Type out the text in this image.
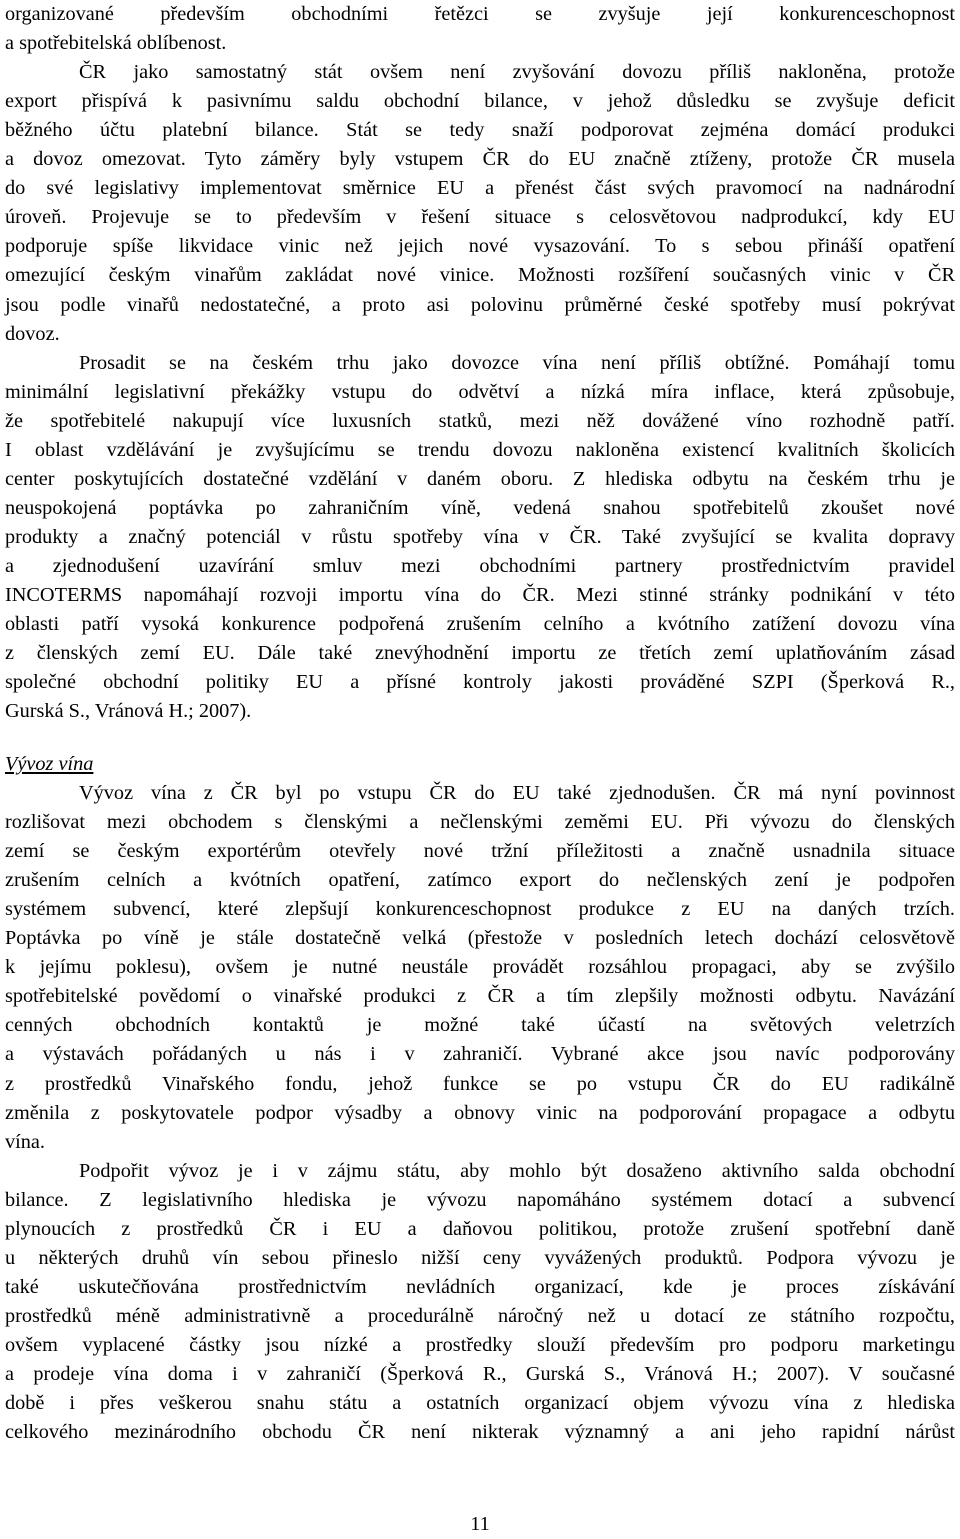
organizované především obchodními řetězci se zvyšuje její konkurenceschopnost
a spotřebitelská oblíbenost.
ČR jako samostatný stát ovšem není zvyšování dovozu příliš nakloněna, protože
export přispívá k pasivnímu saldu obchodní bilance, v jehož důsledku se zvyšuje deficit
běžného účtu platební bilance. Stát se tedy snaží podporovat zejména domácí produkci
a dovoz omezovat. Tyto záměry byly vstupem ČR do EU značně ztíženy, protože ČR musela
do své legislativy implementovat směrnice EU a přenést část svých pravomocí na nadnárodní
úroveň. Projevuje se to především v řešení situace s celosvětovou nadprodukcí, kdy EU
podporuje spíše likvidace vinic než jejich nové vysazování. To s sebou přináší opatření
omezující českým vinařům zakládat nové vinice. Možnosti rozšíření současných vinic v ČR
jsou podle vinařů nedostatečné, a proto asi polovinu průměrné české spotřeby musí pokrývat
dovoz.
Prosadit se na českém trhu jako dovozce vína není příliš obtížné. Pomáhají tomu
minimální legislativní překážky vstupu do odvětví a nízká míra inflace, která způsobuje,
že spotřebitelé nakupují více luxusních statků, mezi něž dovážené víno rozhodně patří.
I oblast vzdělávání je zvyšujícímu se trendu dovozu nakloněna existencí kvalitních školicích
center poskytujících dostatečné vzdělání v daném oboru. Z hlediska odbytu na českém trhu je
neuspokojená poptávka po zahraničním víně, vedená snahou spotřebitelů zkoušet nové
produkty a značný potenciál v růstu spotřeby vína v ČR. Také zvyšující se kvalita dopravy
a zjednodušení uzavírání smluv mezi obchodními partnery prostřednictvím pravidel
INCOTERMS napomáhají rozvoji importu vína do ČR. Mezi stinné stránky podnikání v této
oblasti patří vysoká konkurence podpořená zrušením celního a kvótního zatížení dovozu vína
z členských zemí EU. Dále také znevýhodnění importu ze třetích zemí uplatňováním zásad
společné obchodní politiky EU a přísné kontroly jakosti prováděné SZPI (Šperková R.,
Gurská S., Vránová H.; 2007).
Vývoz vína
Vývoz vína z ČR byl po vstupu ČR do EU také zjednodušen. ČR má nyní povinnost
rozlišovat mezi obchodem s členskými a nečlenskými zeměmi EU. Při vývozu do členských
zemí se českým exportérům otevřely nové tržní příležitosti a značně usnadnila situace
zrušením celních a kvótních opatření, zatímco export do nečlenských zení je podpořen
systémem subvencí, které zlepšují konkurenceschopnost produkce z EU na daných trzích.
Poptávka po víně je stále dostatečně velká (přestože v posledních letech dochází celosvětově
k jejímu poklesu), ovšem je nutné neustále provádět rozsáhlou propagaci, aby se zvýšilo
spotřebitelské povědomí o vinařské produkci z ČR a tím zlepšily možnosti odbytu. Navázání
cenných obchodních kontaktů je možné také účastí na světových veletrzích
a výstavách pořádaných u nás i v zahraničí. Vybrané akce jsou navíc podporovány
z prostředků Vinařského fondu, jehož funkce se po vstupu ČR do EU radikálně
změnila z poskytovatele podpor výsadby a obnovy vinic na podporování propagace a odbytu
vína.
Podpořit vývoz je i v zájmu státu, aby mohlo být dosaženo aktivního salda obchodní
bilance. Z legislativního hlediska je vývozu napomáháno systémem dotací a subvencí
plynoucích z prostředků ČR i EU a daňovou politikou, protože zrušení spotřební daně
u některých druhů vín sebou přineslo nižší ceny vyvážených produktů. Podpora vývozu je
také uskutečňována prostřednictvím nevládních organizací, kde je proces získávání
prostředků méně administrativně a procedurálně náročný než u dotací ze státního rozpočtu,
ovšem vyplacené částky jsou nízké a prostředky slouží především pro podporu marketingu
a prodeje vína doma i v zahraničí (Šperková R., Gurská S., Vránová H.; 2007). V současné
době i přes veškerou snahu státu a ostatních organizací objem vývozu vína z hlediska
celkového mezinárodního obchodu ČR není nikterak významný a ani jeho rapidní nárůst
11
